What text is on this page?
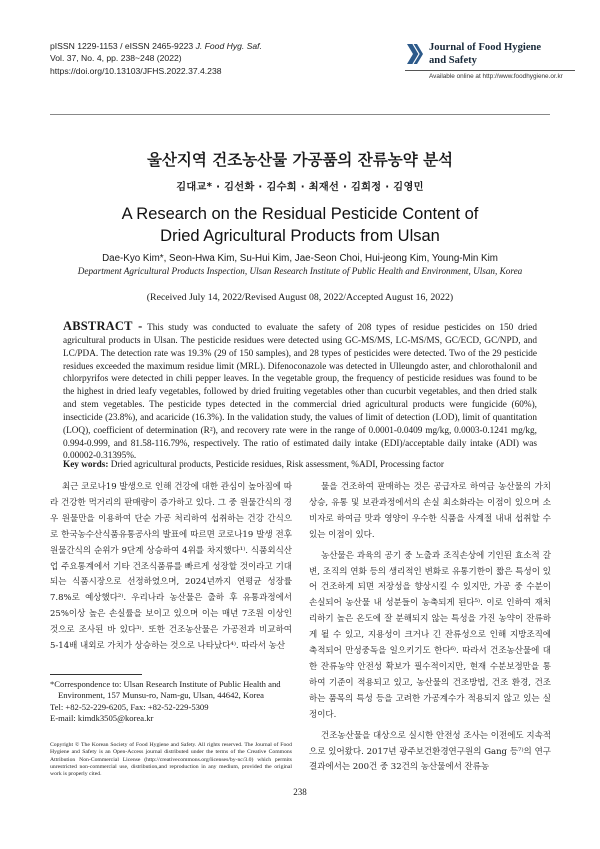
pISSN 1229-1153 / eISSN 2465-9223 J. Food Hyg. Saf.
Vol. 37, No. 4, pp. 238~248 (2022)
https://doi.org/10.13103/JFHS.2022.37.4.238
Journal of Food Hygiene
and Safety
Available online at http://www.foodhygiene.or.kr
울산지역 건조농산물 가공품의 잔류농약 분석
김대교* · 김선화 · 김수희 · 최재선 · 김희정 · 김영민
A Research on the Residual Pesticide Content of
Dried Agricultural Products from Ulsan
Dae-Kyo Kim*, Seon-Hwa Kim, Su-Hui Kim, Jae-Seon Choi, Hui-jeong Kim, Young-Min Kim
Department Agricultural Products Inspection, Ulsan Research Institute of Public Health and Environment, Ulsan, Korea
(Received July 14, 2022/Revised August 08, 2022/Accepted August 16, 2022)
ABSTRACT - This study was conducted to evaluate the safety of 208 types of residue pesticides on 150 dried agricultural products in Ulsan. The pesticide residues were detected using GC-MS/MS, LC-MS/MS, GC/ECD, GC/NPD, and LC/PDA. The detection rate was 19.3% (29 of 150 samples), and 28 types of pesticides were detected. Two of the 29 pesticide residues exceeded the maximum residue limit (MRL). Difenoconazole was detected in Ulleungdo aster, and chlorothalonil and chlorpyrifos were detected in chili pepper leaves. In the vegetable group, the frequency of pesticide residues was found to be the highest in dried leafy vegetables, followed by dried fruiting vegetables other than cucurbit vegetables, and then dried stalk and stem vegetables. The pesticide types detected in the commercial dried agricultural products were fungicide (60%), insecticide (23.8%), and acaricide (16.3%). In the validation study, the values of limit of detection (LOD), limit of quantitation (LOQ), coefficient of determination (R²), and recovery rate were in the range of 0.0001-0.0409 mg/kg, 0.0003-0.1241 mg/kg, 0.994-0.999, and 81.58-116.79%, respectively. The ratio of estimated daily intake (EDI)/acceptable daily intake (ADI) was 0.00002-0.31395%.
Key words: Dried agricultural products, Pesticide residues, Risk assessment, %ADI, Processing factor

최근 코로나19 발생으로 인해 건강에 대한 관심이 높아짐에 따라 건강한 먹거리의 판매량이 증가하고 있다. 그 중 원물간식의 경우 원물만을 이용하여 단순 가공 처리하여 섭취하는 건강 간식으로 한국농수산식품유통공사의 발표에 따르면 코로나19 발생 전후 원물간식의 순위가 9단계 상승하여 4위를 차지했다¹⁾. 식품외식산업 주요통계에서 기타 건조식품류를 빠르게 성장할 것이라고 기대되는 식품시장으로 선정하였으며, 2024년까지 연평균 성장률 7.8%로 예상했다²⁾. 우리나라 농산물은 출하 후 유통과정에서 25%이상 높은 손실률을 보이고 있으며 이는 매년 7조원 이상인 것으로 조사된 바 있다³⁾. 또한 건조농산물은 가공전과 비교하여 5-14배 내외로 가치가 상승하는 것으로 나타났다⁴⁾. 따라서 농산

물을 건조하여 판매하는 것은 공급자로 하여금 농산물의 가치상승, 유통 및 보관과정에서의 손실 최소화라는 이점이 있으며 소비자로 하여금 맛과 영양이 우수한 식품을 사계절 내내 섭취할 수 있는 이점이 있다.

농산물은 과육의 공기 중 노출과 조직손상에 기인된 효소적 갈변, 조직의 연화 등의 생리적인 변화로 유통기한이 짧은 특성이 있어 건조하게 되면 저장성을 향상시킬 수 있지만, 가공 중 수분이 손실되어 농산물 내 성분들이 농축되게 된다⁵⁾. 이로 인하여 재처리하기 높은 온도에 잘 분해되지 않는 특성을 가진 농약이 잔류하게 될 수 있고, 지용성이 크거나 긴 잔류성으로 인해 지방조직에 축적되어 만성중독을 일으키기도 한다⁶⁾. 따라서 건조농산물에 대한 잔류농약 안전성 확보가 필수적이지만, 현재 수분보정만을 통하여 기준이 적용되고 있고, 농산물의 건조방법, 건조 환경, 건조하는 품목의 특성 등을 고려한 가공계수가 적용되지 않고 있는 실정이다.

건조농산물을 대상으로 실시한 안전성 조사는 이전에도 지속적으로 있어왔다. 2017년 광주보건환경연구원의 Gang 등⁷⁾의 연구결과에서는 200건 중 32건의 농산물에서 잔류농

*Correspondence to: Ulsan Research Institute of Public Health and Environment, 157 Munsu-ro, Nam-gu, Ulsan, 44642, Korea
Tel: +82-52-229-6205, Fax: +82-52-229-5309
E-mail: kimdk3505@korea.kr
Copyright © The Korean Society of Food Hygiene and Safety. All rights reserved. The Journal of Food Hygiene and Safety is an Open-Access journal distributed under the terms of the Creative Commons Attribution Non-Commercial License (http://creativecommons.org/licenses/by-nc/3.0) which permits unrestricted non-commercial use, distribution,and reproduction in any medium, provided the original work is properly cited.
238
